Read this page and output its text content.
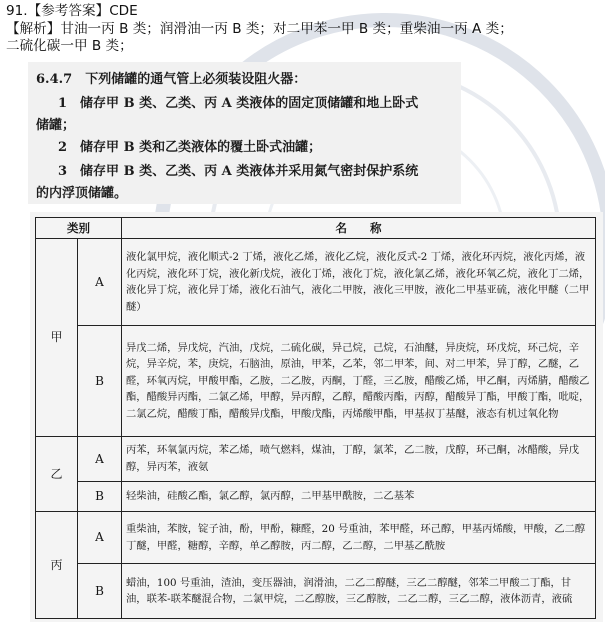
91.【参考答案】CDE

【解析】甘油一丙 B 类；润滑油一丙 B 类；对二甲苯一甲 B 类；重柴油一丙 A 类；

二硫化碳一甲 B 类；

6.4.7　下列储罐的通气管上必须装设阻火器：
1　储存甲 B 类、乙类、丙 A 类液体的固定顶储罐和地上卧式
储罐；
2　储存甲 B 类和乙类液体的覆土卧式油罐；
3　储存甲 B 类、乙类、丙 A 类液体并采用氮气密封保护系统
的内浮顶储罐。
类别		名　　称
甲	A	液化氯甲烷，液化顺式-2 丁烯，液化乙烯，液化乙烷，液化反式-2 丁烯，液化环丙烷，液化丙烯，液化丙烷，液化环丁烷，液化新戊烷，液化丁烯，液化丁烷，液化氯乙烯，液化环氧乙烷，液化丁二烯，液化异丁烷，液化异丁烯，液化石油气，液化二甲胺，液化三甲胺，液化二甲基亚硫，液化甲醚（二甲醚）
	B	异戊二烯，异戊烷，汽油，戊烷，二硫化碳，异己烷，己烷，石油醚，异庚烷，环戊烷，环己烷，辛烷，异辛烷，苯，庚烷，石脑油，原油，甲苯，乙苯，邻二甲苯，间、对二甲苯，异丁醇，乙醚，乙醛，环氧丙烷，甲酸甲酯，乙胺，二乙胺，丙酮，丁醛，三乙胺，醋酸乙烯，甲乙酮，丙烯腈，醋酸乙酯，醋酸异丙酯，二氯乙烯，甲醇，异丙醇，乙醇，醋酸丙酯，丙醇，醋酸异丁酯，甲酸丁酯，吡啶，二氯乙烷，醋酸丁酯，醋酸异戊酯，甲酸戊酯，丙烯酸甲酯，甲基叔丁基醚，液态有机过氧化物
乙	A	丙苯，环氧氯丙烷，苯乙烯，喷气燃料，煤油，丁醇，氯苯，乙二胺，戊醇，环己酮，冰醋酸，异戊醇，异丙苯，液氨
	B	轻柴油，硅酸乙酯，氯乙醇，氯丙醇，二甲基甲酰胺，二乙基苯
丙	A	重柴油，苯胺，锭子油，酚，甲酚，糠醛，20 号重油，苯甲醛，环己醇，甲基丙烯酸，甲酸，乙二醇丁醚，甲醛，糖醇，辛醇，单乙醇胺，丙二醇，乙二醇，二甲基乙酰胺
	B	蜡油，100 号重油，渣油，变压器油，润滑油，二乙二醇醚，三乙二醇醚，邻苯二甲酸二丁酯，甘油，联苯-联苯醚混合物，二氯甲烷，二乙醇胺，三乙醇胺，二乙二醇，三乙二醇，液体沥青，液硫
